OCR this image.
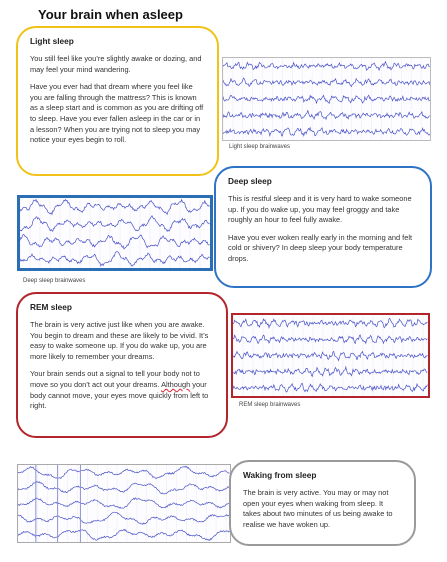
Your brain when asleep
Light sleep

You still feel like you’re slightly awake or dozing, and may feel your mind wandering.

Have you ever had that dream where you feel like you are falling through the mattress? This is known as a sleep start and is common as you are drifting off to sleep. Have you ever fallen asleep in the car or in a lesson? When you are trying not to sleep you may notice your eyes begin to roll.

Light sleep brainwaves
Deep sleep brainwaves
Deep sleep

This is restful sleep and it is very hard to wake someone up. If you do wake up, you may feel groggy and take roughly an hour to feel fully awake.

Have you ever woken really early in the morning and felt cold or shivery? In deep sleep your body temperature drops.

REM sleep

The brain is very active just like when you are awake. You begin to dream and these are likely to be vivid. It’s easy to wake someone up. If you do wake up, you are more likely to remember your dreams.

Your brain sends out a signal to tell your body not to move so you don’t act out your dreams. Although your body cannot move, your eyes move quickly from left to right.	REM sleep brainwaves
Waking from sleep

The brain is very active. You may or may not open your eyes when waking from sleep. It takes about two minutes of us being awake to realise we have woken up.
